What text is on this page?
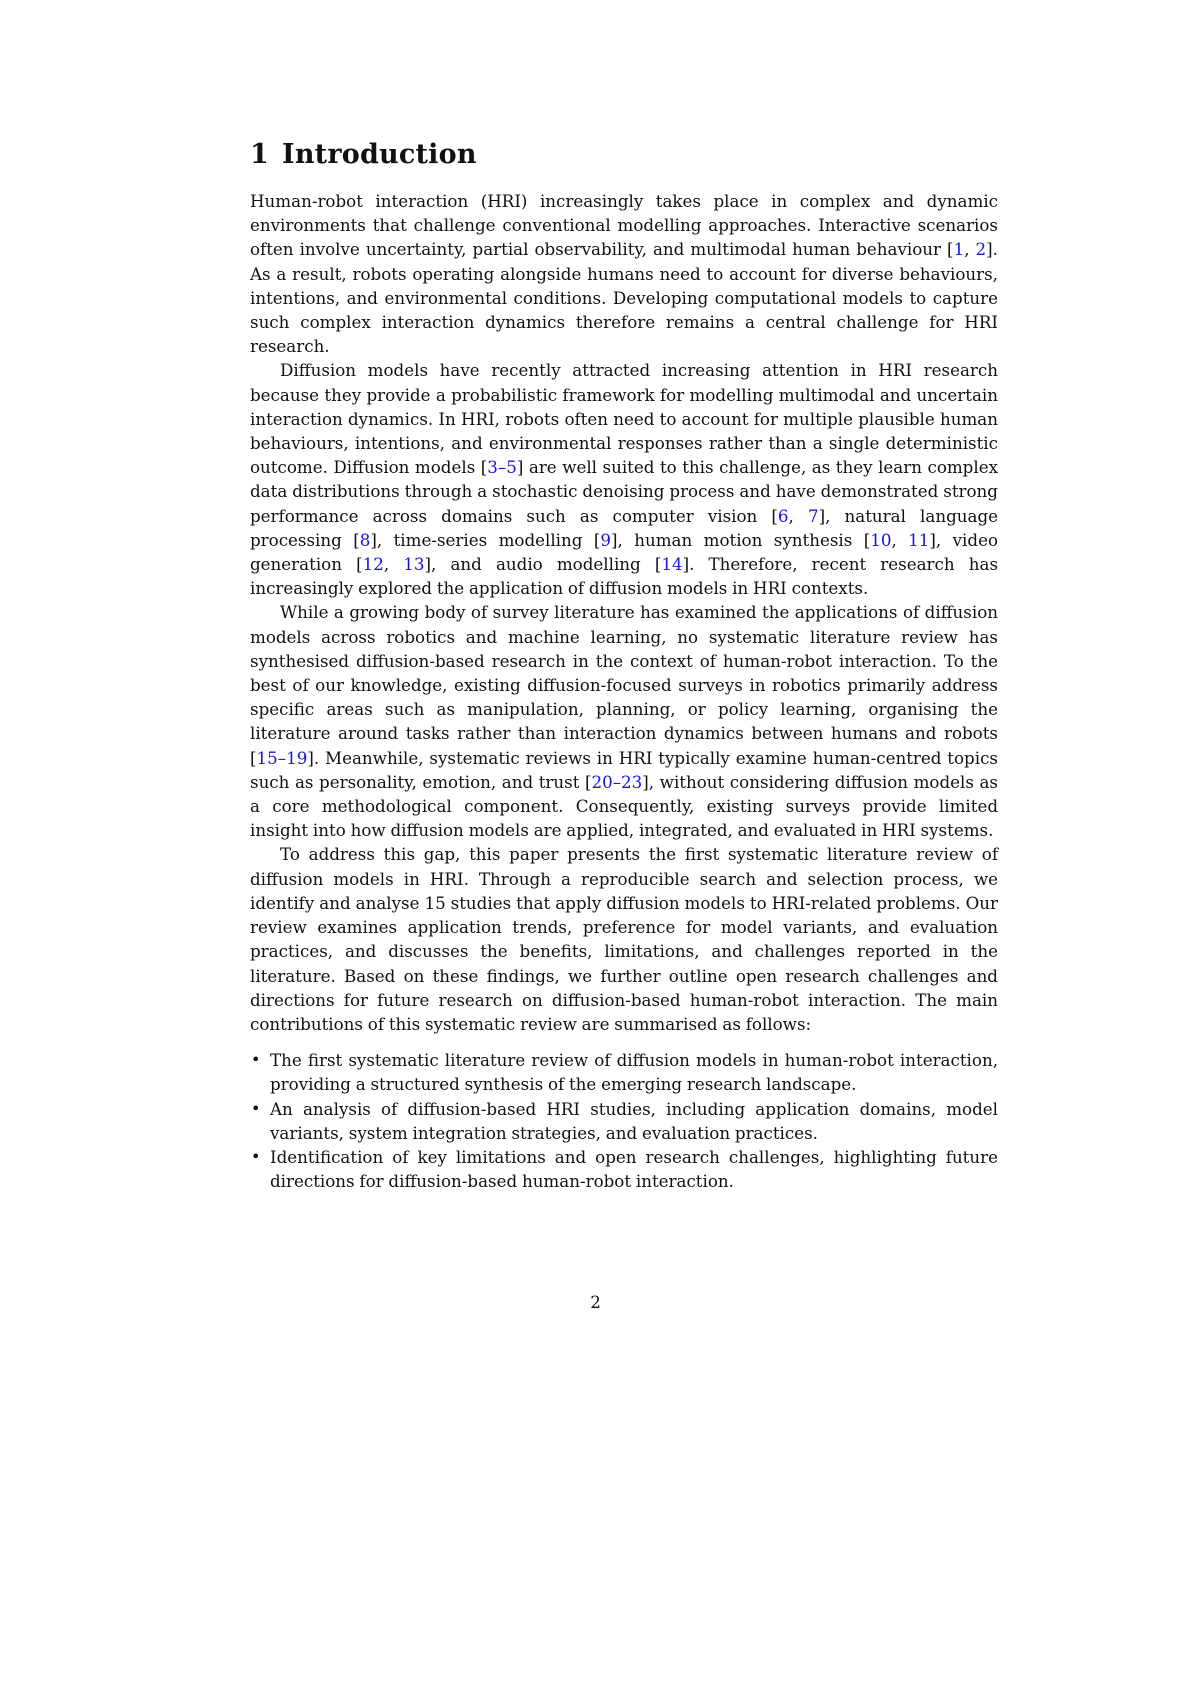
1 Introduction

Human-robot interaction (HRI) increasingly takes place in complex and dynamic environments that challenge conventional modelling approaches. Interactive scenarios often involve uncertainty, partial observability, and multimodal human behaviour [1, 2]. As a result, robots operating alongside humans need to account for diverse behaviours, intentions, and environmental conditions. Developing computational models to capture such complex interaction dynamics therefore remains a central challenge for HRI research.

Diffusion models have recently attracted increasing attention in HRI research because they provide a probabilistic framework for modelling multimodal and uncertain interaction dynamics. In HRI, robots often need to account for multiple plausible human behaviours, intentions, and environmental responses rather than a single deterministic outcome. Diffusion models [3–5] are well suited to this challenge, as they learn complex data distributions through a stochastic denoising process and have demonstrated strong performance across domains such as computer vision [6, 7], natural language processing [8], time-series modelling [9], human motion synthesis [10, 11], video generation [12, 13], and audio modelling [14]. Therefore, recent research has increasingly explored the application of diffusion models in HRI contexts.

While a growing body of survey literature has examined the applications of diffusion models across robotics and machine learning, no systematic literature review has synthesised diffusion-based research in the context of human-robot interaction. To the best of our knowledge, existing diffusion-focused surveys in robotics primarily address specific areas such as manipulation, planning, or policy learning, organising the literature around tasks rather than interaction dynamics between humans and robots [15–19]. Meanwhile, systematic reviews in HRI typically examine human-centred topics such as personality, emotion, and trust [20–23], without considering diffusion models as a core methodological component. Consequently, existing surveys provide limited insight into how diffusion models are applied, integrated, and evaluated in HRI systems.

To address this gap, this paper presents the first systematic literature review of diffusion models in HRI. Through a reproducible search and selection process, we identify and analyse 15 studies that apply diffusion models to HRI-related problems. Our review examines application trends, preference for model variants, and evaluation practices, and discusses the benefits, limitations, and challenges reported in the literature. Based on these findings, we further outline open research challenges and directions for future research on diffusion-based human-robot interaction. The main contributions of this systematic review are summarised as follows:

• The first systematic literature review of diffusion models in human-robot interaction, providing a structured synthesis of the emerging research landscape.
• An analysis of diffusion-based HRI studies, including application domains, model variants, system integration strategies, and evaluation practices.
• Identification of key limitations and open research challenges, highlighting future directions for diffusion-based human-robot interaction.
2
